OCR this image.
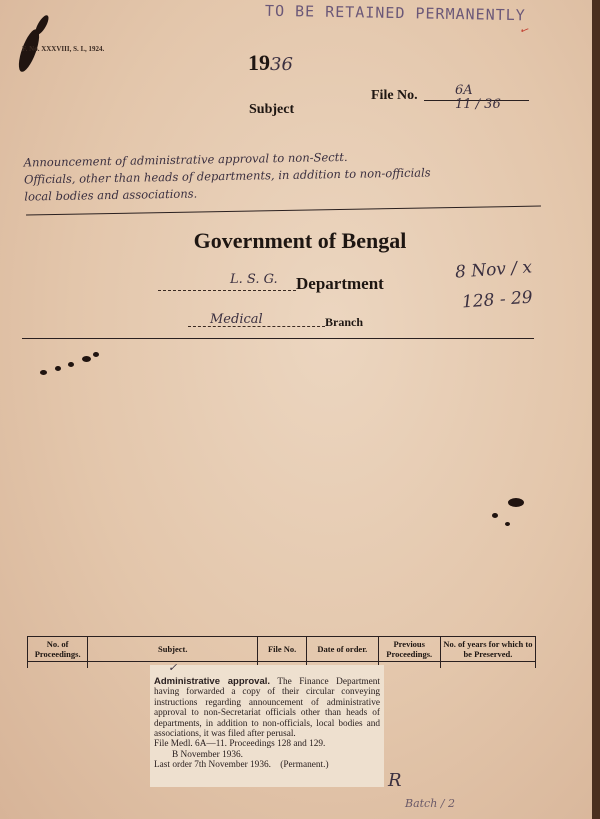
TO BE RETAINED PERMANENTLY
✓
F. No. XXXVIII, S. I., 1924.
1936
Subject
File No.	6A
11 / 36
Announcement of administrative approval to non-Sectt.
Officials, other than heads of departments, in addition to non-officials
local bodies and associations.
Government of Bengal
L. S. G. Department
Medical	Branch
8 Nov / x
128 - 29
No. of Proceedings.	Subject.	File No.	Date of order.	Previous Proceedings.	No. of years for which to be Preserved.

Administrative approval. The Finance Department having forwarded a copy of their circular conveying instructions regarding announcement of administrative approval to non-Secretariat officials other than heads of departments, in addition to non-officials, local bodies and associations, it was filed after perusal.
File Medl. 6A—11. Proceedings 128 and 129.
B November 1936.
Last order 7th November 1936. (Permanent.)
✓
R
Batch / 2
